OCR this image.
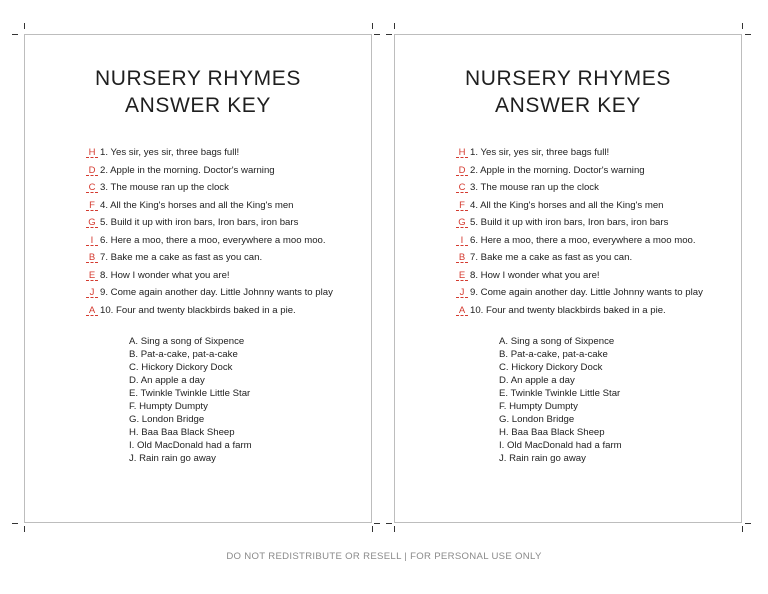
NURSERY RHYMES
ANSWER KEY
H 1. Yes sir, yes sir, three bags full!
D 2. Apple in the morning. Doctor's warning
C 3. The mouse ran up the clock
F 4. All the King's horses and all the King's men
G 5. Build it up with iron bars, Iron bars, iron bars
I 6. Here a moo, there a moo, everywhere a moo moo.
B 7. Bake me a cake as fast as you can.
E 8. How I wonder what you are!
J 9. Come again another day. Little Johnny wants to play
A 10. Four and twenty blackbirds baked in a pie.
A. Sing a song of Sixpence
B. Pat-a-cake, pat-a-cake
C. Hickory Dickory Dock
D. An apple a day
E. Twinkle Twinkle Little Star
F. Humpty Dumpty
G. London Bridge
H. Baa Baa Black Sheep
I. Old MacDonald had a farm
J. Rain rain go away
NURSERY RHYMES
ANSWER KEY
H 1. Yes sir, yes sir, three bags full!
D 2. Apple in the morning. Doctor's warning
C 3. The mouse ran up the clock
F 4. All the King's horses and all the King's men
G 5. Build it up with iron bars, Iron bars, iron bars
I 6. Here a moo, there a moo, everywhere a moo moo.
B 7. Bake me a cake as fast as you can.
E 8. How I wonder what you are!
J 9. Come again another day. Little Johnny wants to play
A 10. Four and twenty blackbirds baked in a pie.
A. Sing a song of Sixpence
B. Pat-a-cake, pat-a-cake
C. Hickory Dickory Dock
D. An apple a day
E. Twinkle Twinkle Little Star
F. Humpty Dumpty
G. London Bridge
H. Baa Baa Black Sheep
I. Old MacDonald had a farm
J. Rain rain go away
DO NOT REDISTRIBUTE OR RESELL | FOR PERSONAL USE ONLY
